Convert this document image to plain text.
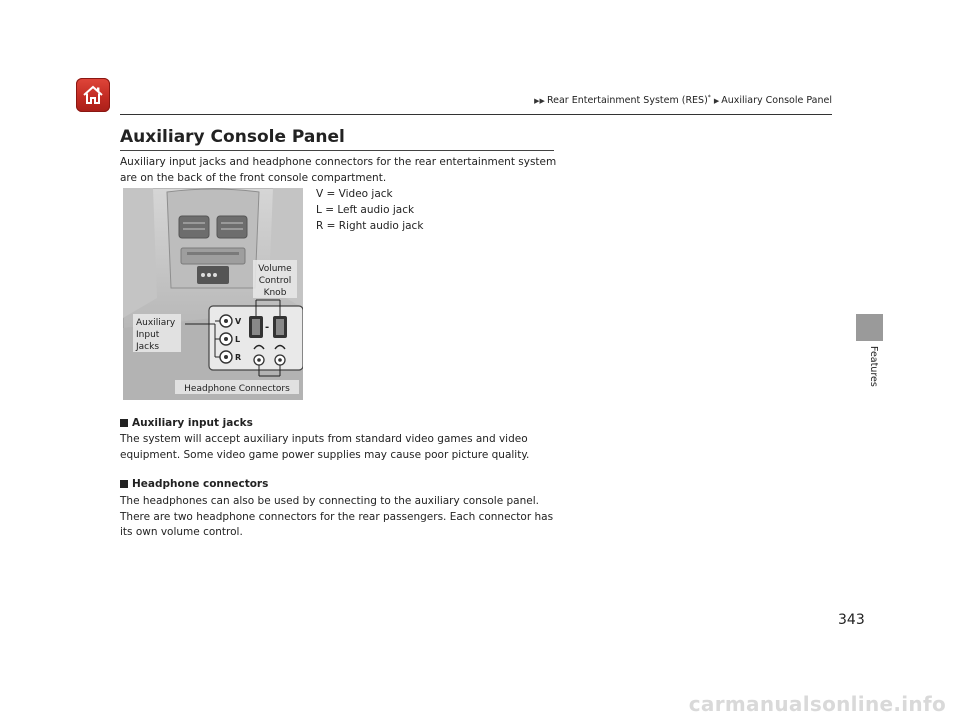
▶▶ Rear Entertainment System (RES)* ▶ Auxiliary Console Panel
Features
Auxiliary Console Panel

Auxiliary input jacks and headphone connectors for the rear entertainment system are on the back of the front console compartment.

V = Video jack
L = Left audio jack
R = Right audio jack
V
L
R
-
Volume
Control
Knob
Auxiliary
Input
Jacks
Headphone Connectors
Auxiliary input jacks

The system will accept auxiliary inputs from standard video games and video equipment. Some video game power supplies may cause poor picture quality.

Headphone connectors

The headphones can also be used by connecting to the auxiliary console panel. There are two headphone connectors for the rear passengers. Each connector has its own volume control.

343
carmanualsonline.info
